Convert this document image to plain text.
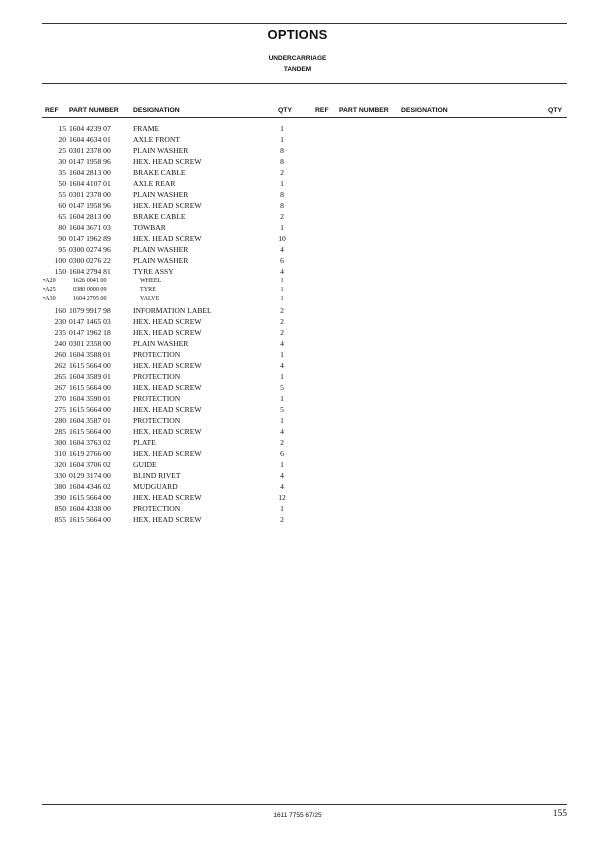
OPTIONS
UNDERCARRIAGE
TANDEM
REF PART NUMBER DESIGNATION	QTY	REF PART NUMBER DESIGNATION	QTY
15 1604 4239 07	FRAME	1
20 1604 4634 01	AXLE FRONT	1
25 0301 2378 00	PLAIN WASHER	8
30 0147 1958 96	HEX. HEAD SCREW	8
35 1604 2813 00	BRAKE CABLE	2
50 1604 4107 01	AXLE REAR	1
55 0301 2378 00	PLAIN WASHER	8
60 0147 1958 96	HEX. HEAD SCREW	8
65 1604 2813 00	BRAKE CABLE	2
80 1604 3671 03	TOWBAR	1
90 0147 1962 89	HEX. HEAD SCREW	10
95 0300 0274 96	PLAIN WASHER	4
100 0300 0276 22	PLAIN WASHER	6
150 1604 2794 81	TYRE ASSY	4
•A20	1626 0041 00	WHEEL	1
•A25	0380 0000 09	TYRE	1
•A30	1604 2795 00	VALVE	1
160 1079 9917 98	INFORMATION LABEL	2
230 0147 1465 03	HEX. HEAD SCREW	2
235 0147 1962 18	HEX. HEAD SCREW	2
240 0301 2358 00	PLAIN WASHER	4
260 1604 3588 01	PROTECTION	1
262 1615 5664 00	HEX. HEAD SCREW	4
265 1604 3589 01	PROTECTION	1
267 1615 5664 00	HEX. HEAD SCREW	5
270 1604 3590 01	PROTECTION	1
275 1615 5664 00	HEX. HEAD SCREW	5
280 1604 3587 01	PROTECTION	1
285 1615 5664 00	HEX. HEAD SCREW	4
300 1604 3763 02	PLATE	2
310 1619 2766 00	HEX. HEAD SCREW	6
320 1604 3706 02	GUIDE	1
330 0129 3174 00	BLIND RIVET	4
380 1604 4346 02	MUDGUARD	4
390 1615 5664 00	HEX. HEAD SCREW	12
850 1604 4338 00	PROTECTION	1
855 1615 5664 00	HEX. HEAD SCREW	2
1611 7755 67/25	155
